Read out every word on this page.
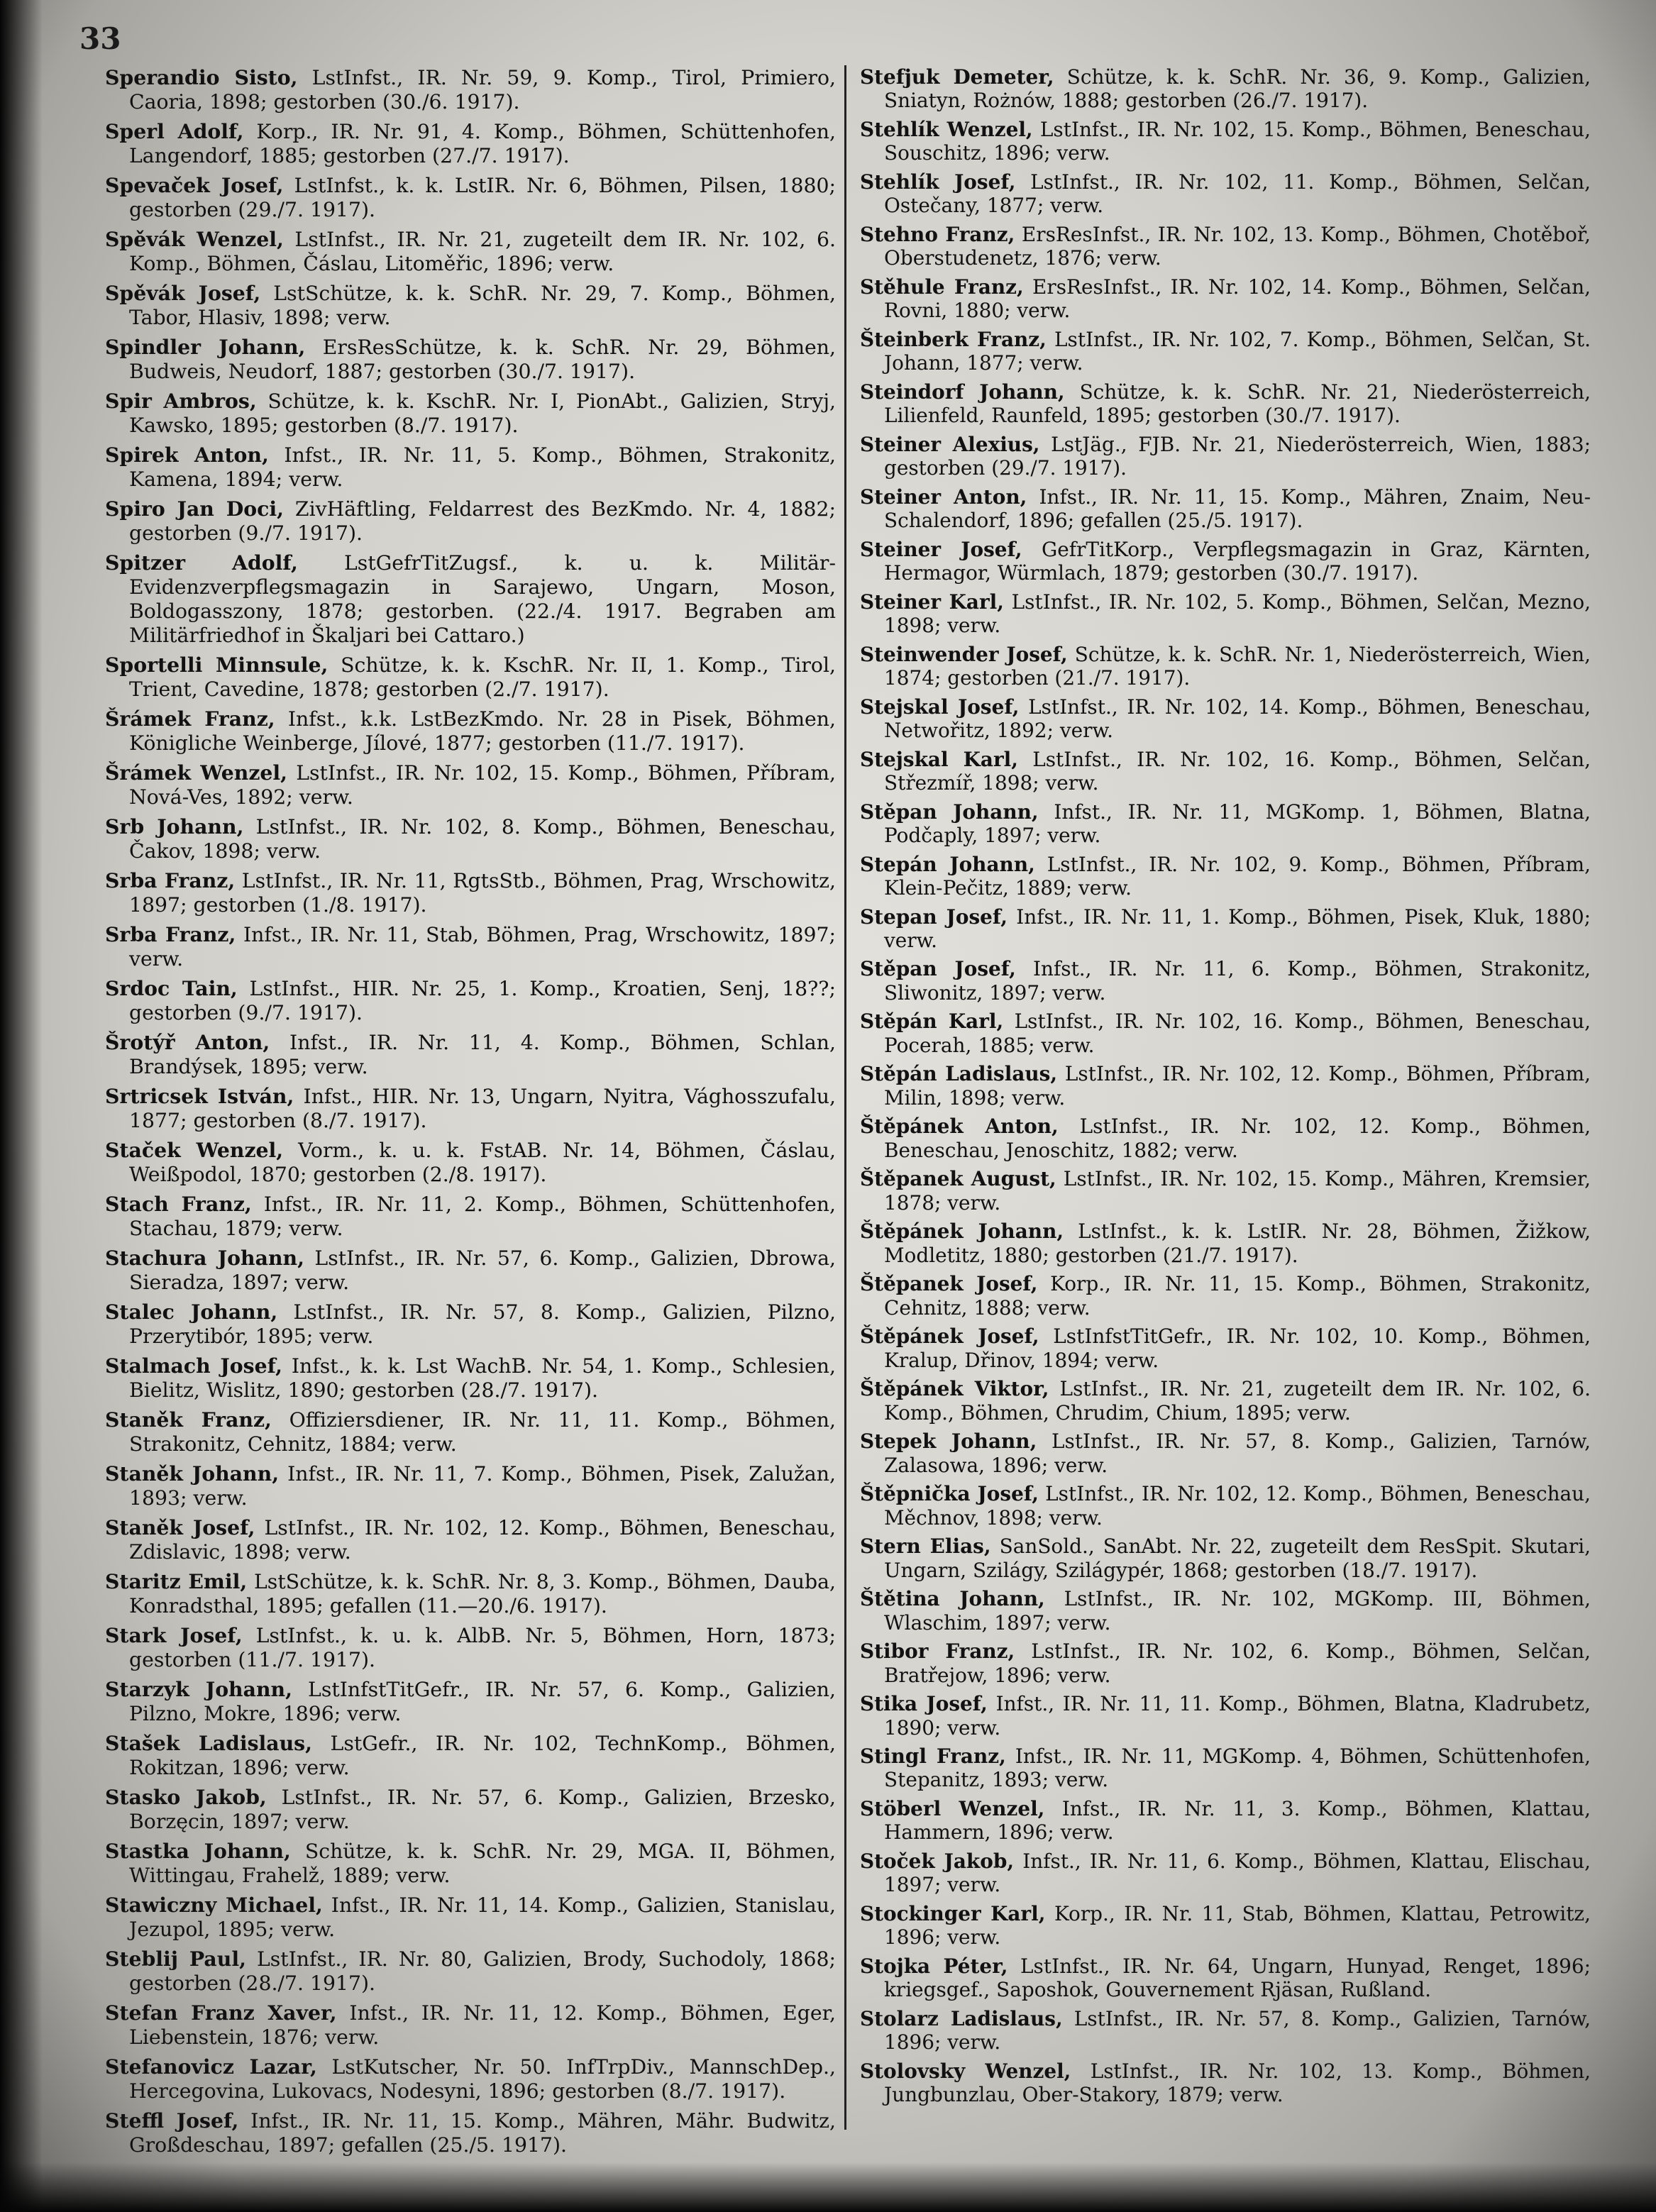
33

Sperandio Sisto, LstInfst., IR. Nr. 59, 9. Komp., Tirol, Primiero, Caoria, 1898; gestorben (30./6. 1917).

Sperl Adolf, Korp., IR. Nr. 91, 4. Komp., Böhmen, Schüttenhofen, Langendorf, 1885; gestorben (27./7. 1917).

Spevaček Josef, LstInfst., k. k. LstIR. Nr. 6, Böhmen, Pilsen, 1880; gestorben (29./7. 1917).

Spěvák Wenzel, LstInfst., IR. Nr. 21, zugeteilt dem IR. Nr. 102, 6. Komp., Böhmen, Čáslau, Litoměřic, 1896; verw.

Spěvák Josef, LstSchütze, k. k. SchR. Nr. 29, 7. Komp., Böhmen, Tabor, Hlasiv, 1898; verw.

Spindler Johann, ErsResSchütze, k. k. SchR. Nr. 29, Böhmen, Budweis, Neudorf, 1887; gestorben (30./7. 1917).

Spir Ambros, Schütze, k. k. KschR. Nr. I, PionAbt., Galizien, Stryj, Kawsko, 1895; gestorben (8./7. 1917).

Spirek Anton, Infst., IR. Nr. 11, 5. Komp., Böhmen, Strakonitz, Kamena, 1894; verw.

Spiro Jan Doci, ZivHäftling, Feldarrest des BezKmdo. Nr. 4, 1882; gestorben (9./7. 1917).

Spitzer Adolf, LstGefrTitZugsf., k. u. k. Militär-Evidenzverpflegsmagazin in Sarajewo, Ungarn, Moson, Boldogasszony, 1878; gestorben. (22./4. 1917. Begraben am Militärfriedhof in Škaljari bei Cattaro.)

Sportelli Minnsule, Schütze, k. k. KschR. Nr. II, 1. Komp., Tirol, Trient, Cavedine, 1878; gestorben (2./7. 1917).

Šrámek Franz, Infst., k.k. LstBezKmdo. Nr. 28 in Pisek, Böhmen, Königliche Weinberge, Jílové, 1877; gestorben (11./7. 1917).

Šrámek Wenzel, LstInfst., IR. Nr. 102, 15. Komp., Böhmen, Příbram, Nová-Ves, 1892; verw.

Srb Johann, LstInfst., IR. Nr. 102, 8. Komp., Böhmen, Beneschau, Čakov, 1898; verw.

Srba Franz, LstInfst., IR. Nr. 11, RgtsStb., Böhmen, Prag, Wrschowitz, 1897; gestorben (1./8. 1917).

Srba Franz, Infst., IR. Nr. 11, Stab, Böhmen, Prag, Wrschowitz, 1897; verw.

Srdoc Tain, LstInfst., HIR. Nr. 25, 1. Komp., Kroatien, Senj, 18??; gestorben (9./7. 1917).

Šrotýř Anton, Infst., IR. Nr. 11, 4. Komp., Böhmen, Schlan, Brandýsek, 1895; verw.

Srtricsek István, Infst., HIR. Nr. 13, Ungarn, Nyitra, Vághosszufalu, 1877; gestorben (8./7. 1917).

Staček Wenzel, Vorm., k. u. k. FstAB. Nr. 14, Böhmen, Čáslau, Weißpodol, 1870; gestorben (2./8. 1917).

Stach Franz, Infst., IR. Nr. 11, 2. Komp., Böhmen, Schüttenhofen, Stachau, 1879; verw.

Stachura Johann, LstInfst., IR. Nr. 57, 6. Komp., Galizien, Dbrowa, Sieradza, 1897; verw.

Stalec Johann, LstInfst., IR. Nr. 57, 8. Komp., Galizien, Pilzno, Przerytibór, 1895; verw.

Stalmach Josef, Infst., k. k. Lst WachB. Nr. 54, 1. Komp., Schlesien, Bielitz, Wislitz, 1890; gestorben (28./7. 1917).

Staněk Franz, Offiziersdiener, IR. Nr. 11, 11. Komp., Böhmen, Strakonitz, Cehnitz, 1884; verw.

Staněk Johann, Infst., IR. Nr. 11, 7. Komp., Böhmen, Pisek, Zalužan, 1893; verw.

Staněk Josef, LstInfst., IR. Nr. 102, 12. Komp., Böhmen, Beneschau, Zdislavic, 1898; verw.

Staritz Emil, LstSchütze, k. k. SchR. Nr. 8, 3. Komp., Böhmen, Dauba, Konradsthal, 1895; gefallen (11.—20./6. 1917).

Stark Josef, LstInfst., k. u. k. AlbB. Nr. 5, Böhmen, Horn, 1873; gestorben (11./7. 1917).

Starzyk Johann, LstInfstTitGefr., IR. Nr. 57, 6. Komp., Galizien, Pilzno, Mokre, 1896; verw.

Stašek Ladislaus, LstGefr., IR. Nr. 102, TechnKomp., Böhmen, Rokitzan, 1896; verw.

Stasko Jakob, LstInfst., IR. Nr. 57, 6. Komp., Galizien, Brzesko, Borzęcin, 1897; verw.

Stastka Johann, Schütze, k. k. SchR. Nr. 29, MGA. II, Böhmen, Wittingau, Frahelž, 1889; verw.

Stawiczny Michael, Infst., IR. Nr. 11, 14. Komp., Galizien, Stanislau, Jezupol, 1895; verw.

Steblij Paul, LstInfst., IR. Nr. 80, Galizien, Brody, Suchodoly, 1868; gestorben (28./7. 1917).

Stefan Franz Xaver, Infst., IR. Nr. 11, 12. Komp., Böhmen, Eger, Liebenstein, 1876; verw.

Stefanovicz Lazar, LstKutscher, Nr. 50. InfTrpDiv., MannschDep., Hercegovina, Lukovacs, Nodesyni, 1896; gestorben (8./7. 1917).

Steffl Josef, Infst., IR. Nr. 11, 15. Komp., Mähren, Mähr. Budwitz, Großdeschau, 1897; gefallen (25./5. 1917).

Stefjuk Demeter, Schütze, k. k. SchR. Nr. 36, 9. Komp., Galizien, Sniatyn, Rożnów, 1888; gestorben (26./7. 1917).

Stehlík Wenzel, LstInfst., IR. Nr. 102, 15. Komp., Böhmen, Beneschau, Souschitz, 1896; verw.

Stehlík Josef, LstInfst., IR. Nr. 102, 11. Komp., Böhmen, Selčan, Ostečany, 1877; verw.

Stehno Franz, ErsResInfst., IR. Nr. 102, 13. Komp., Böhmen, Chotěboř, Oberstudenetz, 1876; verw.

Stěhule Franz, ErsResInfst., IR. Nr. 102, 14. Komp., Böhmen, Selčan, Rovni, 1880; verw.

Šteinberk Franz, LstInfst., IR. Nr. 102, 7. Komp., Böhmen, Selčan, St. Johann, 1877; verw.

Steindorf Johann, Schütze, k. k. SchR. Nr. 21, Niederösterreich, Lilienfeld, Raunfeld, 1895; gestorben (30./7. 1917).

Steiner Alexius, LstJäg., FJB. Nr. 21, Niederösterreich, Wien, 1883; gestorben (29./7. 1917).

Steiner Anton, Infst., IR. Nr. 11, 15. Komp., Mähren, Znaim, Neu-Schalendorf, 1896; gefallen (25./5. 1917).

Steiner Josef, GefrTitKorp., Verpflegsmagazin in Graz, Kärnten, Hermagor, Würmlach, 1879; gestorben (30./7. 1917).

Steiner Karl, LstInfst., IR. Nr. 102, 5. Komp., Böhmen, Selčan, Mezno, 1898; verw.

Steinwender Josef, Schütze, k. k. SchR. Nr. 1, Niederösterreich, Wien, 1874; gestorben (21./7. 1917).

Stejskal Josef, LstInfst., IR. Nr. 102, 14. Komp., Böhmen, Beneschau, Netwořitz, 1892; verw.

Stejskal Karl, LstInfst., IR. Nr. 102, 16. Komp., Böhmen, Selčan, Střezmíř, 1898; verw.

Stěpan Johann, Infst., IR. Nr. 11, MGKomp. 1, Böhmen, Blatna, Podčaply, 1897; verw.

Stepán Johann, LstInfst., IR. Nr. 102, 9. Komp., Böhmen, Příbram, Klein-Pečitz, 1889; verw.

Stepan Josef, Infst., IR. Nr. 11, 1. Komp., Böhmen, Pisek, Kluk, 1880; verw.

Stěpan Josef, Infst., IR. Nr. 11, 6. Komp., Böhmen, Strakonitz, Sliwonitz, 1897; verw.

Stěpán Karl, LstInfst., IR. Nr. 102, 16. Komp., Böhmen, Beneschau, Pocerah, 1885; verw.

Stěpán Ladislaus, LstInfst., IR. Nr. 102, 12. Komp., Böhmen, Příbram, Milin, 1898; verw.

Štěpánek Anton, LstInfst., IR. Nr. 102, 12. Komp., Böhmen, Beneschau, Jenoschitz, 1882; verw.

Štěpanek August, LstInfst., IR. Nr. 102, 15. Komp., Mähren, Kremsier, 1878; verw.

Štěpánek Johann, LstInfst., k. k. LstIR. Nr. 28, Böhmen, Žižkow, Modletitz, 1880; gestorben (21./7. 1917).

Štěpanek Josef, Korp., IR. Nr. 11, 15. Komp., Böhmen, Strakonitz, Cehnitz, 1888; verw.

Štěpánek Josef, LstInfstTitGefr., IR. Nr. 102, 10. Komp., Böhmen, Kralup, Dřinov, 1894; verw.

Štěpánek Viktor, LstInfst., IR. Nr. 21, zugeteilt dem IR. Nr. 102, 6. Komp., Böhmen, Chrudim, Chium, 1895; verw.

Stepek Johann, LstInfst., IR. Nr. 57, 8. Komp., Galizien, Tarnów, Zalasowa, 1896; verw.

Štěpnička Josef, LstInfst., IR. Nr. 102, 12. Komp., Böhmen, Beneschau, Měchnov, 1898; verw.

Stern Elias, SanSold., SanAbt. Nr. 22, zugeteilt dem ResSpit. Skutari, Ungarn, Szilágy, Szilágypér, 1868; gestorben (18./7. 1917).

Štětina Johann, LstInfst., IR. Nr. 102, MGKomp. III, Böhmen, Wlaschim, 1897; verw.

Stibor Franz, LstInfst., IR. Nr. 102, 6. Komp., Böhmen, Selčan, Bratřejow, 1896; verw.

Stika Josef, Infst., IR. Nr. 11, 11. Komp., Böhmen, Blatna, Kladrubetz, 1890; verw.

Stingl Franz, Infst., IR. Nr. 11, MGKomp. 4, Böhmen, Schüttenhofen, Stepanitz, 1893; verw.

Stöberl Wenzel, Infst., IR. Nr. 11, 3. Komp., Böhmen, Klattau, Hammern, 1896; verw.

Stoček Jakob, Infst., IR. Nr. 11, 6. Komp., Böhmen, Klattau, Elischau, 1897; verw.

Stockinger Karl, Korp., IR. Nr. 11, Stab, Böhmen, Klattau, Petrowitz, 1896; verw.

Stojka Péter, LstInfst., IR. Nr. 64, Ungarn, Hunyad, Renget, 1896; kriegsgef., Saposhok, Gouvernement Rjäsan, Rußland.

Stolarz Ladislaus, LstInfst., IR. Nr. 57, 8. Komp., Galizien, Tarnów, 1896; verw.

Stolovsky Wenzel, LstInfst., IR. Nr. 102, 13. Komp., Böhmen, Jungbunzlau, Ober-Stakory, 1879; verw.
